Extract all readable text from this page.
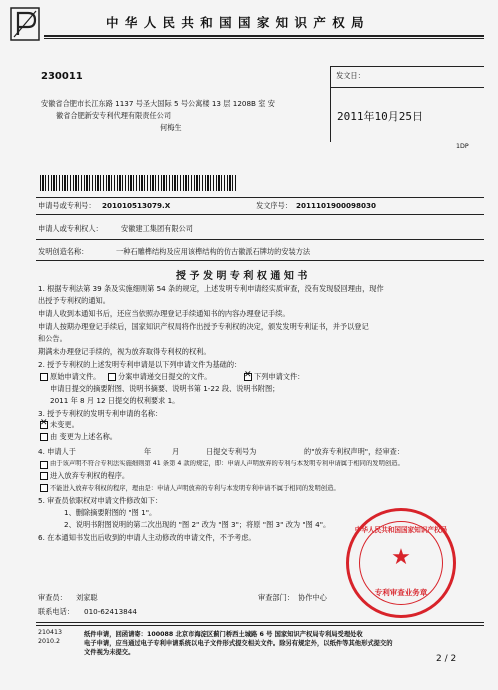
中 华 人 民 共 和 国 国 家 知 识 产 权 局
230011
安徽省合肥市长江东路 1137 号圣大国际 5 号公寓楼 13 层 1208B 室 安
徽省合肥新安专利代理有限责任公司
何梅生
发文日：
2011年10月25日
1DP
申请号或专利号： 201010513079.X	发文序号： 2011101900098030
申请人或专利权人：	安徽建工集团有限公司
发明创造名称：	一种石雕榫结构及应用该榫结构的仿古徽派石牌坊的安装方法
授 予 发 明 专 利 权 通 知 书
1. 根据专利法第 39 条及实施细则第 54 条的规定，上述发明专利申请经实质审查，没有发现驳回理由，现作
出授予专利权的通知。
申请人收到本通知书后，还应当依照办理登记手续通知书的内容办理登记手续。
申请人按期办理登记手续后，国家知识产权局将作出授予专利权的决定，颁发发明专利证书，并予以登记
和公告。
期满未办理登记手续的，视为放弃取得专利权的权利。
2. 授予专利权的上述发明专利申请是以下列申请文件为基础的：
原始申请文件。 分案申请递交日提交的文件。
✕	下列申请文件：
申请日提交的摘要附图、说明书摘要、说明书第 1-22 段、说明书附图；
2011 年 8 月 12 日提交的权利要求 1。
3. 授予专利权的发明专利申请的名称：
✕
未变更。
由 变更为上述名称。
4. 申请人于	年	月	日提交专利号为	的"放弃专利权声明"，经审查：
由于该声明不符合专利法实施细则第 41 条第 4 款的规定，即：申请人声明放弃的专利与本发明专利申请属于相同的发明创造。
进入放弃专利权的程序。
不能进入放弃专利权的程序，理由是：申请人声明放弃的专利与本发明专利申请不属于相同的发明创造。
5. 审查员依职权对申请文件修改如下：
1、删除摘要附图的 "图 1"。
2、说明书附图说明的第二次出现的 "图 2" 改为 "图 3"；将原 "图 3" 改为 "图 4"。
6. 在本通知书发出后收到的申请人主动修改的申请文件，不予考虑。
中华人民共和国国家知识产权局
★
专利审查业务章
审查员： 刘家聪	审查部门： 协作中心
联系电话： 010-62413844
210413
2010.2
纸件申请，回函请寄：100088 北京市海淀区蓟门桥西土城路 6 号 国家知识产权局专利局受理处收
电子申请，应当通过电子专利申请系统以电子文件形式提交相关文件。除另有规定外，以纸件等其他形式提交的
文件视为未提交。
2 / 2
